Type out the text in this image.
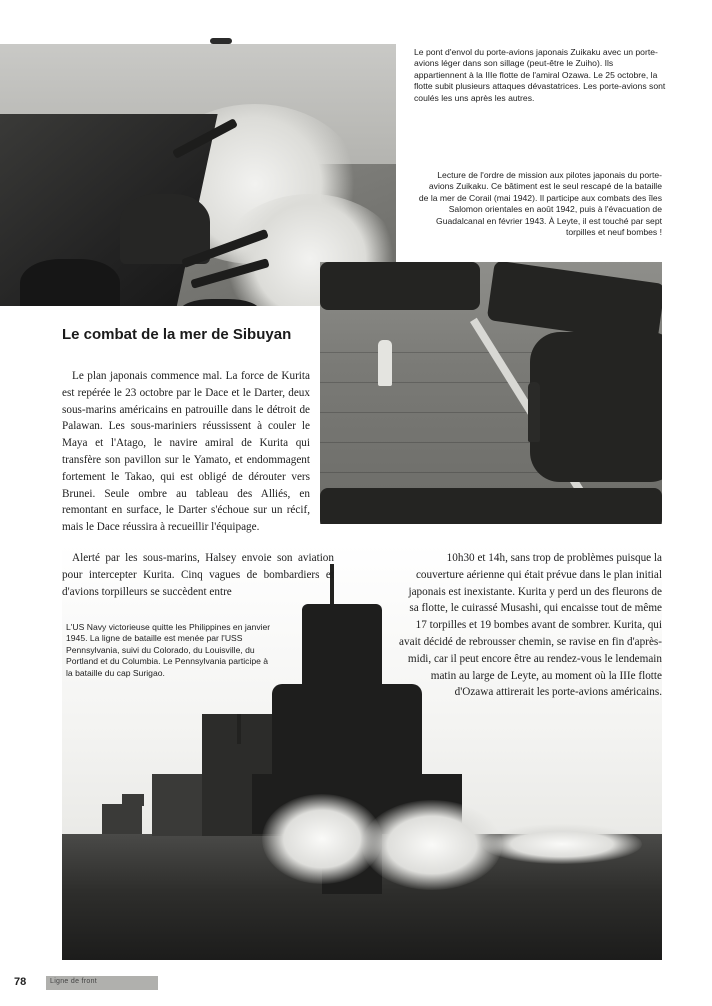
Le pont d'envol du porte-avions japonais Zuikaku avec un porte-avions léger dans son sillage (peut-être le Zuiho). Ils appartiennent à la IIIe flotte de l'amiral Ozawa. Le 25 octobre, la flotte subit plusieurs attaques dévastatrices. Les porte-avions sont coulés les uns après les autres.

Lecture de l'ordre de mission aux pilotes japonais du porte-avions Zuikaku. Ce bâtiment est le seul rescapé de la bataille de la mer de Corail (mai 1942). Il participe aux combats des îles Salomon orientales en août 1942, puis à l'évacuation de Guadalcanal en février 1943. À Leyte, il est touché par sept torpilles et neuf bombes !

Le combat de la mer de Sibuyan

Le plan japonais commence mal. La force de Kurita est repérée le 23 octobre par le Dace et le Darter, deux sous-marins américains en patrouille dans le détroit de Palawan. Les sous-mariniers réussissent à couler le Maya et l'Atago, le navire amiral de Kurita qui transfère son pavillon sur le Yamato, et endommagent fortement le Takao, qui est obligé de dérouter vers Brunei. Seule ombre au tableau des Alliés, en remontant en surface, le Darter s'échoue sur un récif, mais le Dace réussira à recueillir l'équipage.

L'US Navy victorieuse quitte les Philippines en janvier 1945. La ligne de bataille est menée par l'USS Pennsylvania, suivi du Colorado, du Louisville, du Portland et du Columbia. Le Pennsylvania participe à la bataille du cap Surigao.

Alerté par les sous-marins, Halsey envoie son aviation pour intercepter Kurita. Cinq vagues de bombardiers et d'avions torpilleurs se succèdent entre

10h30 et 14h, sans trop de problèmes puisque la couverture aérienne qui était prévue dans le plan initial japonais est inexistante. Kurita y perd un des fleurons de sa flotte, le cuirassé Musashi, qui encaisse tout de même 17 torpilles et 19 bombes avant de sombrer. Kurita, qui avait décidé de rebrousser chemin, se ravise en fin d'après-midi, car il peut encore être au rendez-vous le lendemain matin au large de Leyte, au moment où la IIIe flotte d'Ozawa attirerait les porte-avions américains.

78	Ligne de front
